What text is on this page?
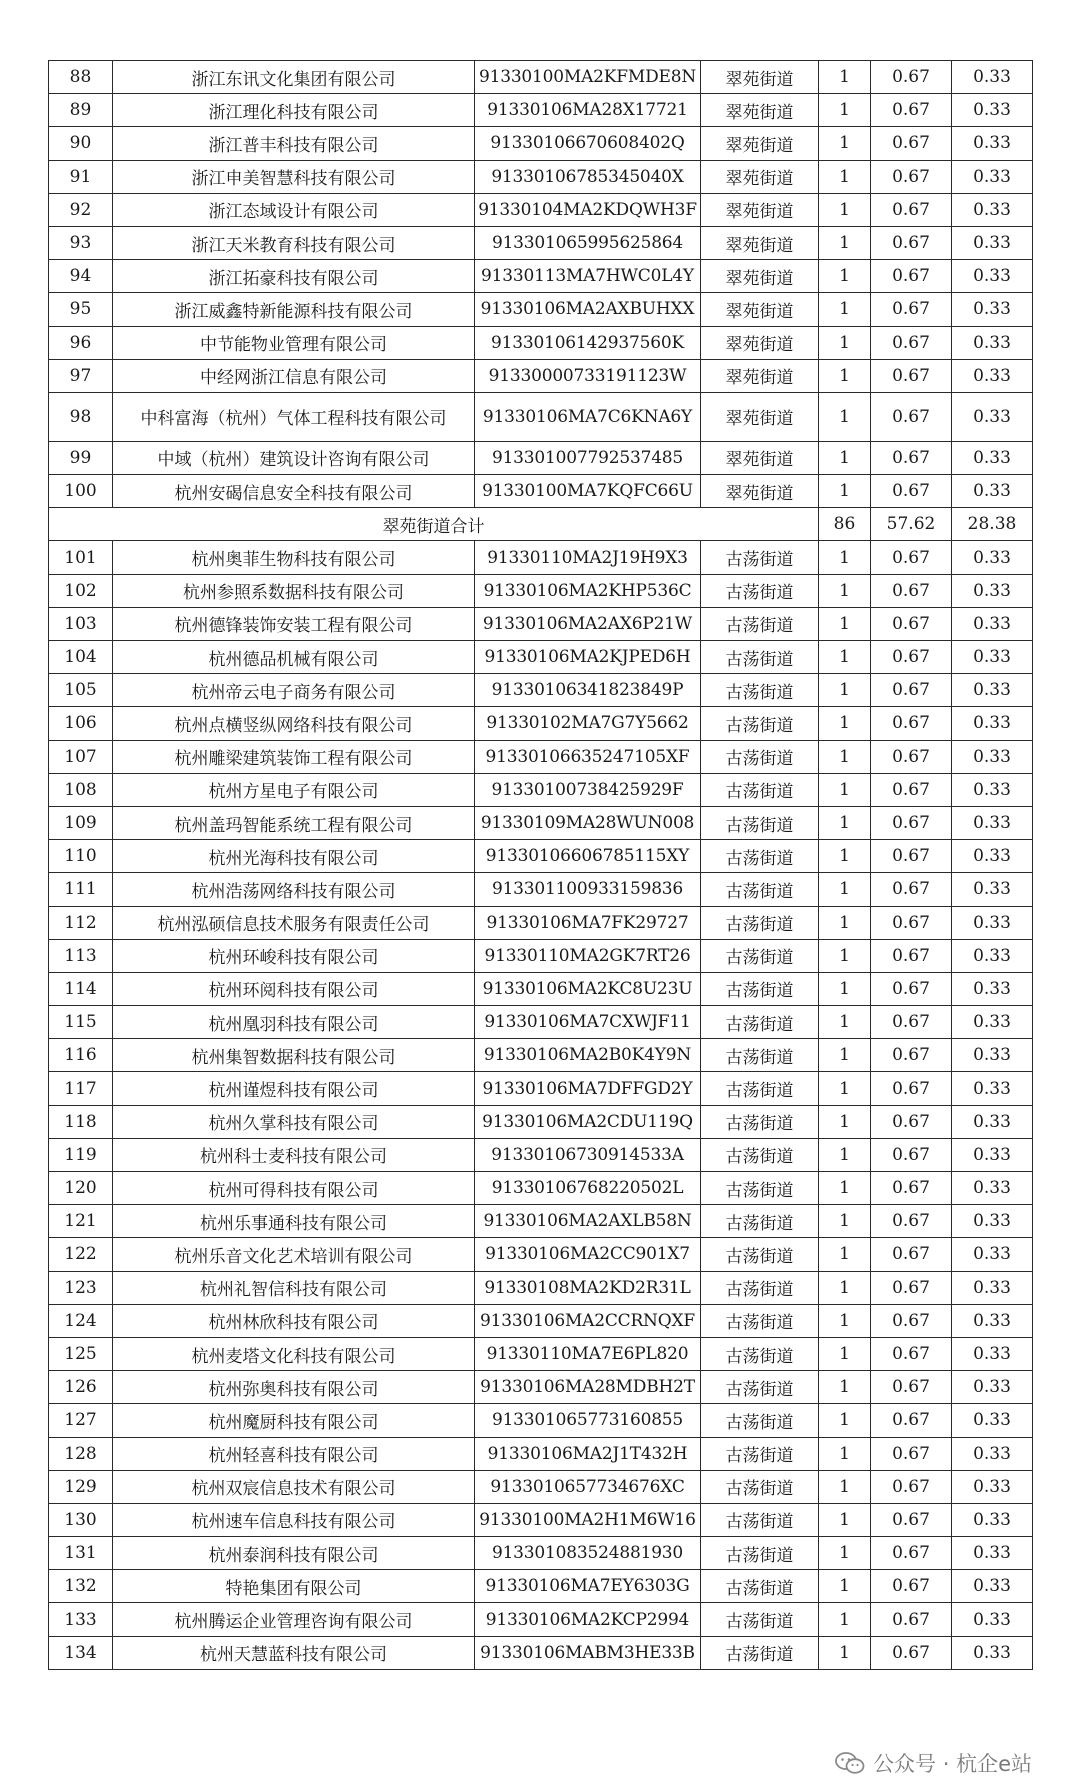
88	浙江东讯文化集团有限公司	91330100MA2KFMDE8N	翠苑街道	1	0.67	0.33
89	浙江理化科技有限公司	91330106MA28X17721	翠苑街道	1	0.67	0.33
90	浙江普丰科技有限公司	91330106670608402Q	翠苑街道	1	0.67	0.33
91	浙江申美智慧科技有限公司	91330106785345040X	翠苑街道	1	0.67	0.33
92	浙江态域设计有限公司	91330104MA2KDQWH3F	翠苑街道	1	0.67	0.33
93	浙江天米教育科技有限公司	913301065995625864	翠苑街道	1	0.67	0.33
94	浙江拓豪科技有限公司	91330113MA7HWC0L4Y	翠苑街道	1	0.67	0.33
95	浙江威鑫特新能源科技有限公司	91330106MA2AXBUHXX	翠苑街道	1	0.67	0.33
96	中节能物业管理有限公司	91330106142937560K	翠苑街道	1	0.67	0.33
97	中经网浙江信息有限公司	91330000733191123W	翠苑街道	1	0.67	0.33
98	中科富海（杭州）气体工程科技有限公司	91330106MA7C6KNA6Y	翠苑街道	1	0.67	0.33
99	中域（杭州）建筑设计咨询有限公司	913301007792537485	翠苑街道	1	0.67	0.33
100	杭州安碣信息安全科技有限公司	91330100MA7KQFC66U	翠苑街道	1	0.67	0.33
翠苑街道合计				86	57.62	28.38
101	杭州奥菲生物科技有限公司	91330110MA2J19H9X3	古荡街道	1	0.67	0.33
102	杭州参照系数据科技有限公司	91330106MA2KHP536C	古荡街道	1	0.67	0.33
103	杭州德锋装饰安装工程有限公司	91330106MA2AX6P21W	古荡街道	1	0.67	0.33
104	杭州德品机械有限公司	91330106MA2KJPED6H	古荡街道	1	0.67	0.33
105	杭州帝云电子商务有限公司	91330106341823849P	古荡街道	1	0.67	0.33
106	杭州点横竖纵网络科技有限公司	91330102MA7G7Y5662	古荡街道	1	0.67	0.33
107	杭州雕梁建筑装饰工程有限公司	91330106635247105XF	古荡街道	1	0.67	0.33
108	杭州方星电子有限公司	91330100738425929F	古荡街道	1	0.67	0.33
109	杭州盖玛智能系统工程有限公司	91330109MA28WUN008	古荡街道	1	0.67	0.33
110	杭州光海科技有限公司	91330106606785115XY	古荡街道	1	0.67	0.33
111	杭州浩荡网络科技有限公司	913301100933159836	古荡街道	1	0.67	0.33
112	杭州泓硕信息技术服务有限责任公司	91330106MA7FK29727	古荡街道	1	0.67	0.33
113	杭州环峻科技有限公司	91330110MA2GK7RT26	古荡街道	1	0.67	0.33
114	杭州环阅科技有限公司	91330106MA2KC8U23U	古荡街道	1	0.67	0.33
115	杭州凰羽科技有限公司	91330106MA7CXWJF11	古荡街道	1	0.67	0.33
116	杭州集智数据科技有限公司	91330106MA2B0K4Y9N	古荡街道	1	0.67	0.33
117	杭州谨煜科技有限公司	91330106MA7DFFGD2Y	古荡街道	1	0.67	0.33
118	杭州久掌科技有限公司	91330106MA2CDU119Q	古荡街道	1	0.67	0.33
119	杭州科士麦科技有限公司	91330106730914533A	古荡街道	1	0.67	0.33
120	杭州可得科技有限公司	91330106768220502L	古荡街道	1	0.67	0.33
121	杭州乐事通科技有限公司	91330106MA2AXLB58N	古荡街道	1	0.67	0.33
122	杭州乐音文化艺术培训有限公司	91330106MA2CC901X7	古荡街道	1	0.67	0.33
123	杭州礼智信科技有限公司	91330108MA2KD2R31L	古荡街道	1	0.67	0.33
124	杭州林欣科技有限公司	91330106MA2CCRNQXF	古荡街道	1	0.67	0.33
125	杭州麦塔文化科技有限公司	91330110MA7E6PL820	古荡街道	1	0.67	0.33
126	杭州弥奥科技有限公司	91330106MA28MDBH2T	古荡街道	1	0.67	0.33
127	杭州魔厨科技有限公司	913301065773160855	古荡街道	1	0.67	0.33
128	杭州轻喜科技有限公司	91330106MA2J1T432H	古荡街道	1	0.67	0.33
129	杭州双宸信息技术有限公司	9133010657734676XC	古荡街道	1	0.67	0.33
130	杭州速车信息科技有限公司	91330100MA2H1M6W16	古荡街道	1	0.67	0.33
131	杭州泰润科技有限公司	913301083524881930	古荡街道	1	0.67	0.33
132	特艳集团有限公司	91330106MA7EY6303G	古荡街道	1	0.67	0.33
133	杭州腾运企业管理咨询有限公司	91330106MA2KCP2994	古荡街道	1	0.67	0.33
134	杭州天慧蓝科技有限公司	91330106MABM3HE33B	古荡街道	1	0.67	0.33
公众号 · 杭企e站
